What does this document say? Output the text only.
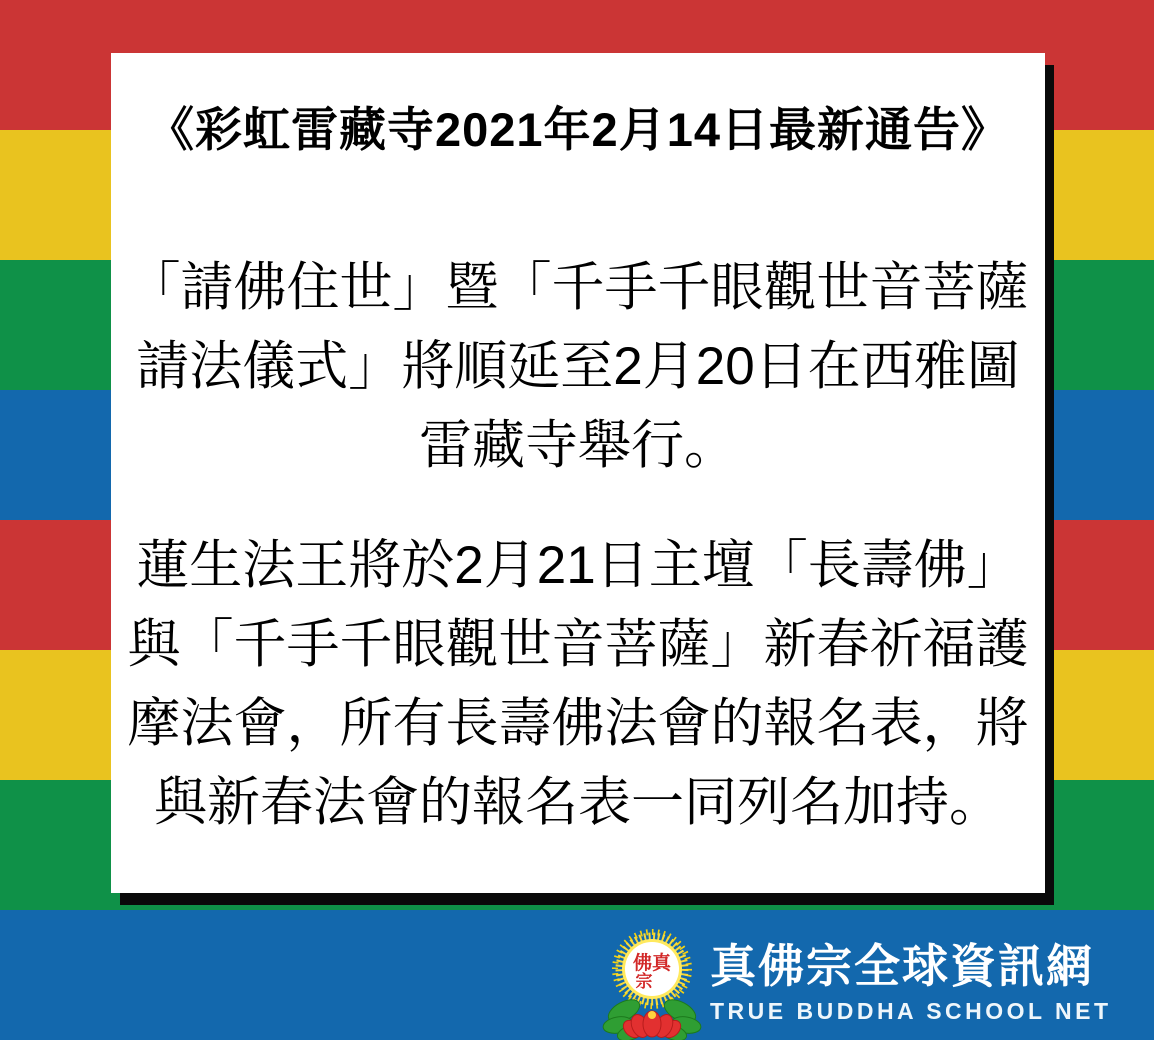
《彩虹雷藏寺2021年2月14日最新通告》

「請佛住世」暨「千手千眼觀世音菩薩
請法儀式」將順延至2月20日在西雅圖
雷藏寺舉行。

蓮生法王將於2月21日主壇「長壽佛」
與「千手千眼觀世音菩薩」新春祈福護
摩法會，所有長壽佛法會的報名表，將
與新春法會的報名表一同列名加持。

佛真
宗 真佛宗全球資訊網
TRUE BUDDHA SCHOOL NET
